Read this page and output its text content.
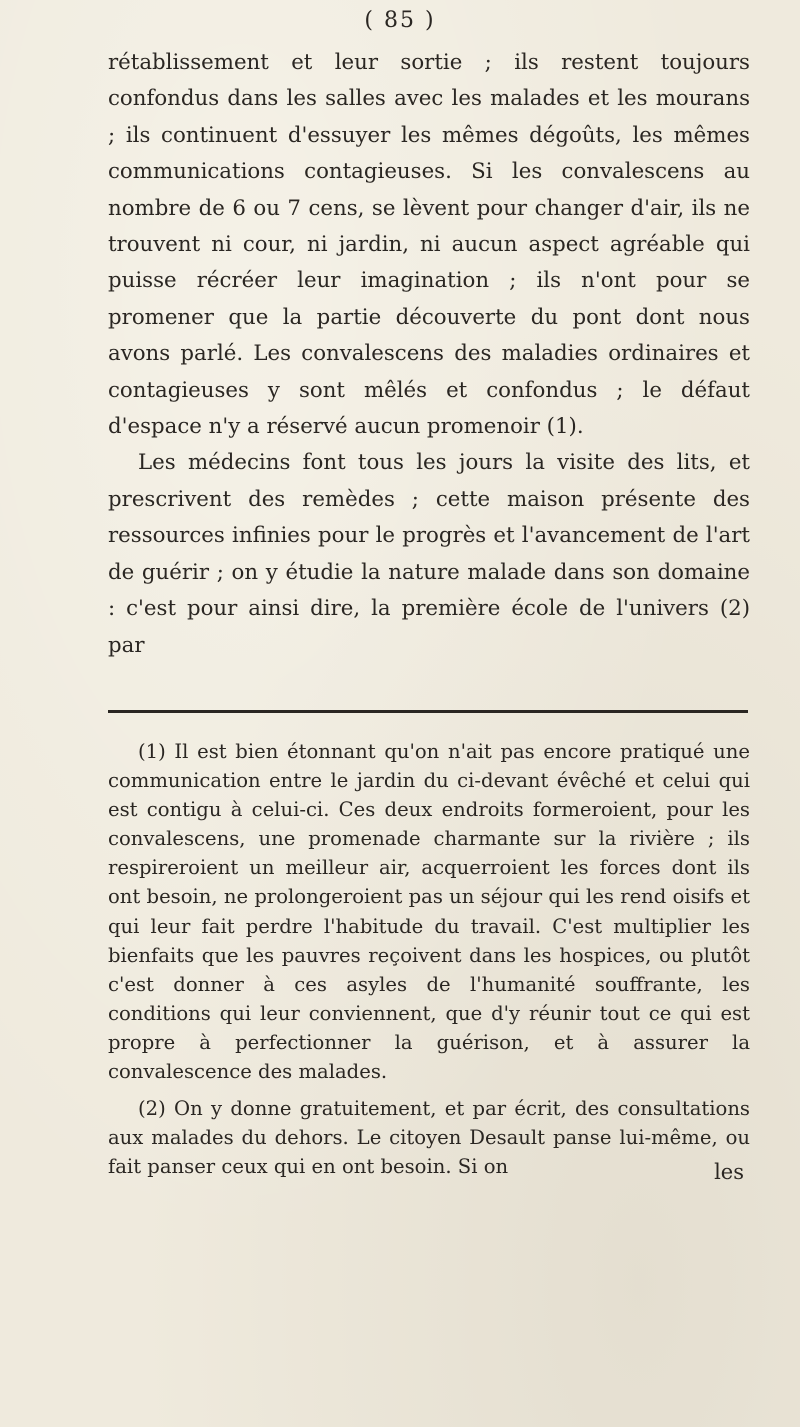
( 85 )

rétablissement et leur sortie ; ils restent toujours confondus dans les salles avec les malades et les mourans ; ils continuent d'essuyer les mêmes dégoûts, les mêmes communications contagieuses. Si les convalescens au nombre de 6 ou 7 cens, se lèvent pour changer d'air, ils ne trouvent ni cour, ni jardin, ni aucun aspect agréable qui puisse récréer leur imagination ; ils n'ont pour se promener que la partie découverte du pont dont nous avons parlé. Les convalescens des maladies ordinaires et contagieuses y sont mêlés et confondus ; le défaut d'espace n'y a réservé aucun promenoir (1).

Les médecins font tous les jours la visite des lits, et prescrivent des remèdes ; cette maison présente des ressources infinies pour le progrès et l'avancement de l'art de guérir ; on y étudie la nature malade dans son domaine : c'est pour ainsi dire, la première école de l'univers (2) par

(1) Il est bien étonnant qu'on n'ait pas encore pratiqué une communication entre le jardin du ci-devant évêché et celui qui est contigu à celui-ci. Ces deux endroits formeroient, pour les convalescens, une promenade charmante sur la rivière ; ils respireroient un meilleur air, acquerroient les forces dont ils ont besoin, ne prolongeroient pas un séjour qui les rend oisifs et qui leur fait perdre l'habitude du travail. C'est multiplier les bienfaits que les pauvres reçoivent dans les hospices, ou plutôt c'est donner à ces asyles de l'humanité souffrante, les conditions qui leur conviennent, que d'y réunir tout ce qui est propre à perfectionner la guérison, et à assurer la convalescence des malades.

(2) On y donne gratuitement, et par écrit, des consultations aux malades du dehors. Le citoyen Desault panse lui-même, ou fait panser ceux qui en ont besoin. Si on	les
